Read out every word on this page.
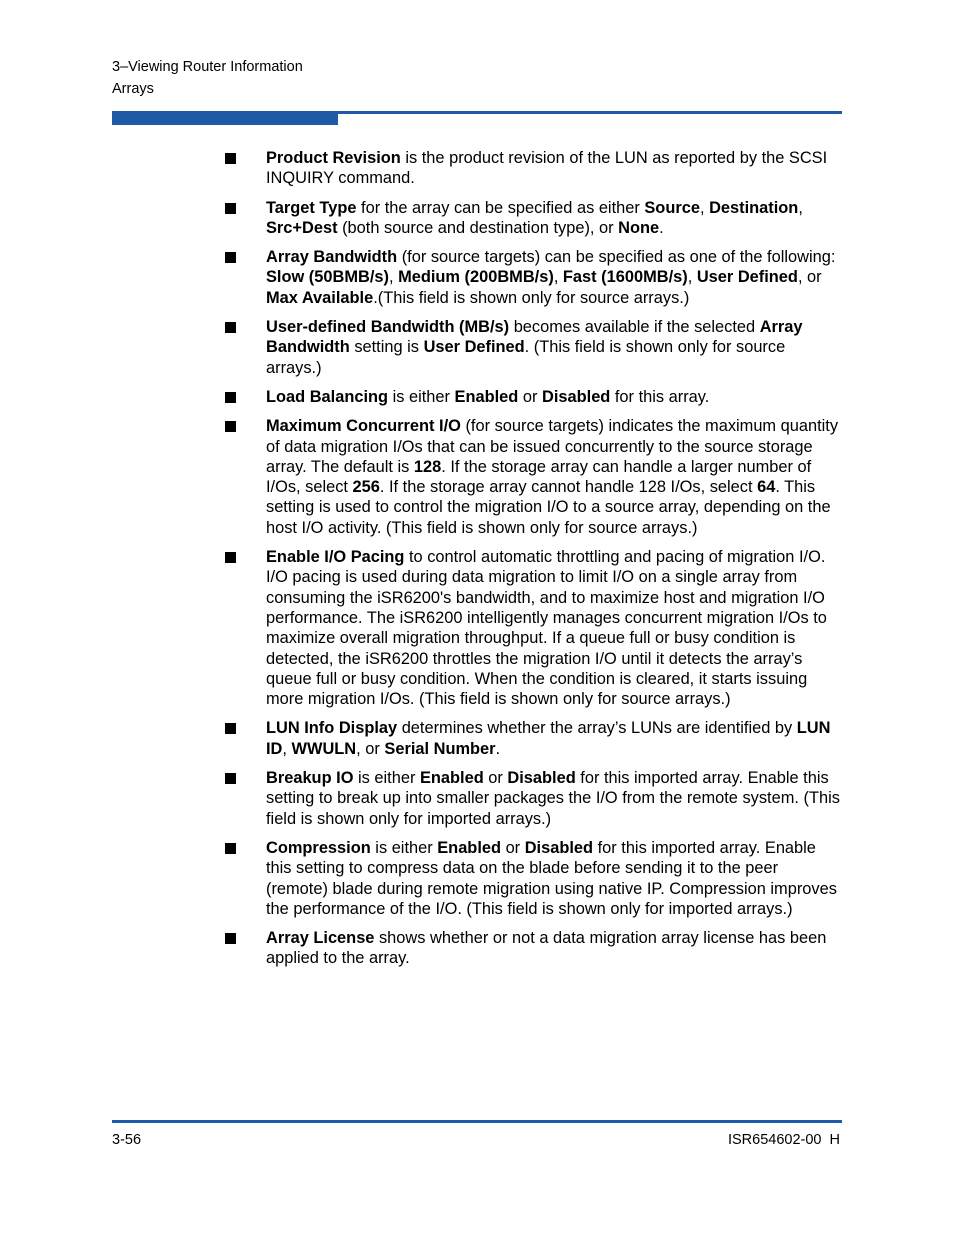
3–Viewing Router Information
Arrays
Product Revision is the product revision of the LUN as reported by the SCSI INQUIRY command.
Target Type for the array can be specified as either Source, Destination, Src+Dest (both source and destination type), or None.
Array Bandwidth (for source targets) can be specified as one of the following: Slow (50BMB/s), Medium (200BMB/s), Fast (1600MB/s), User Defined, or Max Available.(This field is shown only for source arrays.)
User-defined Bandwidth (MB/s) becomes available if the selected Array Bandwidth setting is User Defined. (This field is shown only for source arrays.)
Load Balancing is either Enabled or Disabled for this array.
Maximum Concurrent I/O (for source targets) indicates the maximum quantity of data migration I/Os that can be issued concurrently to the source storage array. The default is 128. If the storage array can handle a larger number of I/Os, select 256. If the storage array cannot handle 128 I/Os, select 64. This setting is used to control the migration I/O to a source array, depending on the host I/O activity. (This field is shown only for source arrays.)
Enable I/O Pacing to control automatic throttling and pacing of migration I/O. I/O pacing is used during data migration to limit I/O on a single array from consuming the iSR6200's bandwidth, and to maximize host and migration I/O performance. The iSR6200 intelligently manages concurrent migration I/Os to maximize overall migration throughput. If a queue full or busy condition is detected, the iSR6200 throttles the migration I/O until it detects the array’s queue full or busy condition. When the condition is cleared, it starts issuing more migration I/Os. (This field is shown only for source arrays.)
LUN Info Display determines whether the array’s LUNs are identified by LUN ID, WWULN, or Serial Number.
Breakup IO is either Enabled or Disabled for this imported array. Enable this setting to break up into smaller packages the I/O from the remote system. (This field is shown only for imported arrays.)
Compression is either Enabled or Disabled for this imported array. Enable this setting to compress data on the blade before sending it to the peer (remote) blade during remote migration using native IP. Compression improves the performance of the I/O. (This field is shown only for imported arrays.)
Array License shows whether or not a data migration array license has been applied to the array.
3-56	ISR654602-00  H
